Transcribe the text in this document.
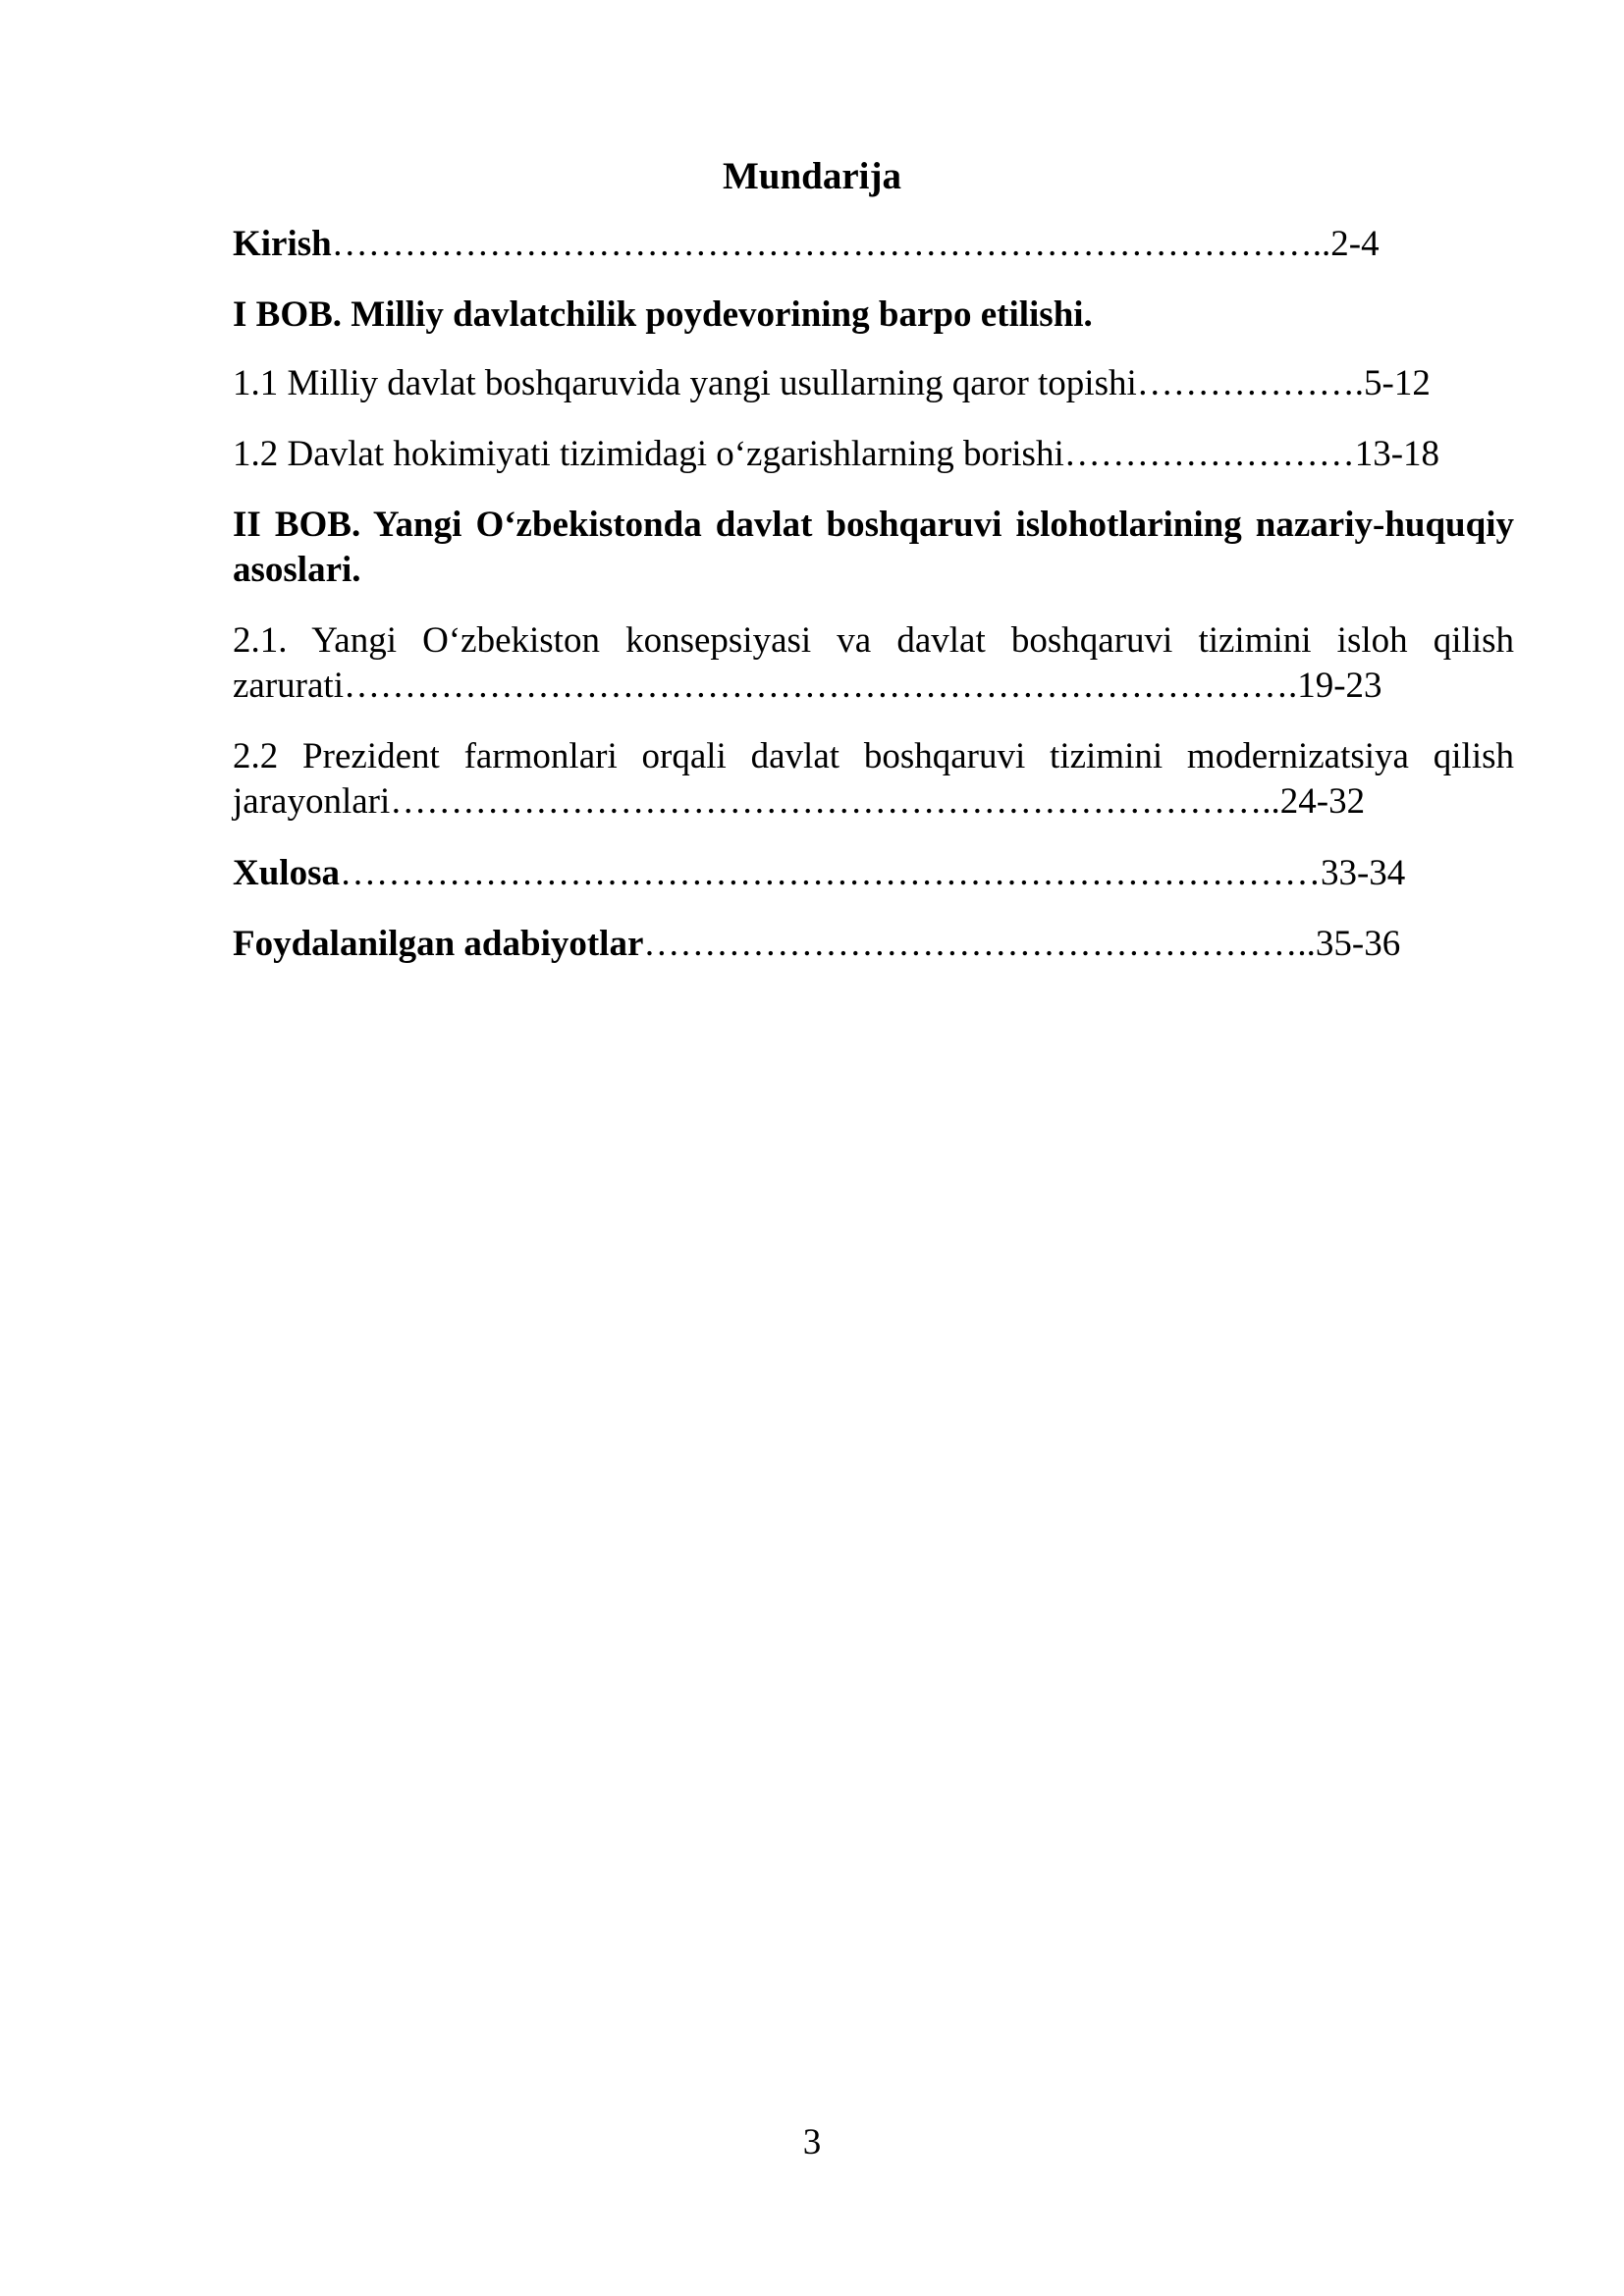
Mundarija
Kirish………………………………………………………………………..2-4
I BOB. Milliy davlatchilik poydevorining barpo etilishi.
1.1 Milliy davlat boshqaruvida yangi usullarning qaror topishi……………….5-12
1.2 Davlat hokimiyati tizimidagi oʻzgarishlarning borishi……………………13-18
II BOB. Yangi Oʻzbekistonda davlat boshqaruvi islohotlarining nazariy-huquqiy asoslari.
2.1. Yangi Oʻzbekiston konsepsiyasi va davlat boshqaruvi tizimini isloh qilish zarurati…………………………………………………………………….19-23
2.2 Prezident farmonlari orqali davlat boshqaruvi tizimini modernizatsiya qilish jarayonlari………………………………………………………………..24-32
Xulosa………………………………………………………………………33-34
Foydalanilgan adabiyotlar………………………………………………..35-36
3
